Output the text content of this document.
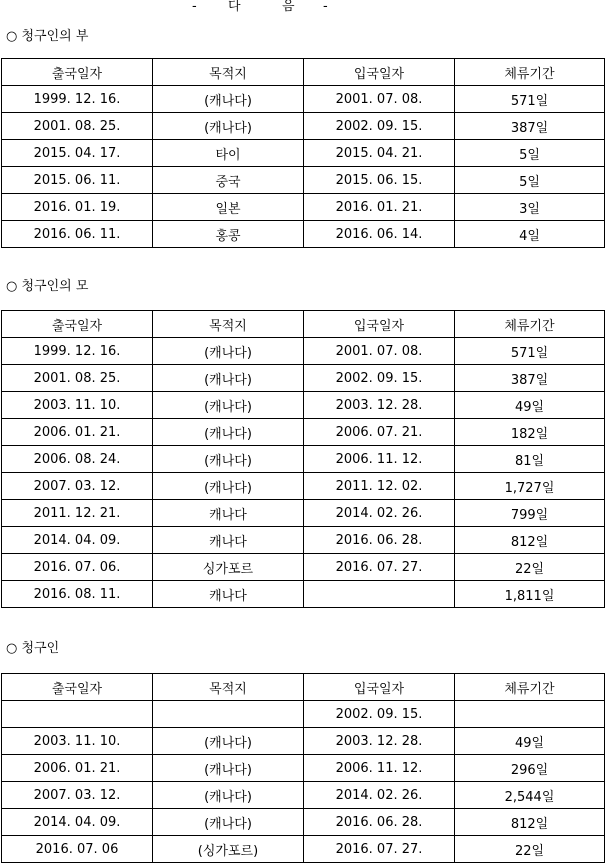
- 다	음 -
○ 청구인의 부
출국일자	목적지	입국일자	체류기간
1999. 12. 16.	(캐나다)	2001. 07. 08.	571일
2001. 08. 25.	(캐나다)	2002. 09. 15.	387일
2015. 04. 17.	타이	2015. 04. 21.	5일
2015. 06. 11.	중국	2015. 06. 15.	5일
2016. 01. 19.	일본	2016. 01. 21.	3일
2016. 06. 11.	홍콩	2016. 06. 14.	4일
○ 청구인의 모
출국일자	목적지	입국일자	체류기간
1999. 12. 16.	(캐나다)	2001. 07. 08.	571일
2001. 08. 25.	(캐나다)	2002. 09. 15.	387일
2003. 11. 10.	(캐나다)	2003. 12. 28.	49일
2006. 01. 21.	(캐나다)	2006. 07. 21.	182일
2006. 08. 24.	(캐나다)	2006. 11. 12.	81일
2007. 03. 12.	(캐나다)	2011. 12. 02.	1,727일
2011. 12. 21.	캐나다	2014. 02. 26.	799일
2014. 04. 09.	캐나다	2016. 06. 28.	812일
2016. 07. 06.	싱가포르	2016. 07. 27.	22일
2016. 08. 11.	캐나다		1,811일
○ 청구인
출국일자	목적지	입국일자	체류기간
		2002. 09. 15.	
2003. 11. 10.	(캐나다)	2003. 12. 28.	49일
2006. 01. 21.	(캐나다)	2006. 11. 12.	296일
2007. 03. 12.	(캐나다)	2014. 02. 26.	2,544일
2014. 04. 09.	(캐나다)	2016. 06. 28.	812일
2016. 07. 06	(싱가포르)	2016. 07. 27.	22일
